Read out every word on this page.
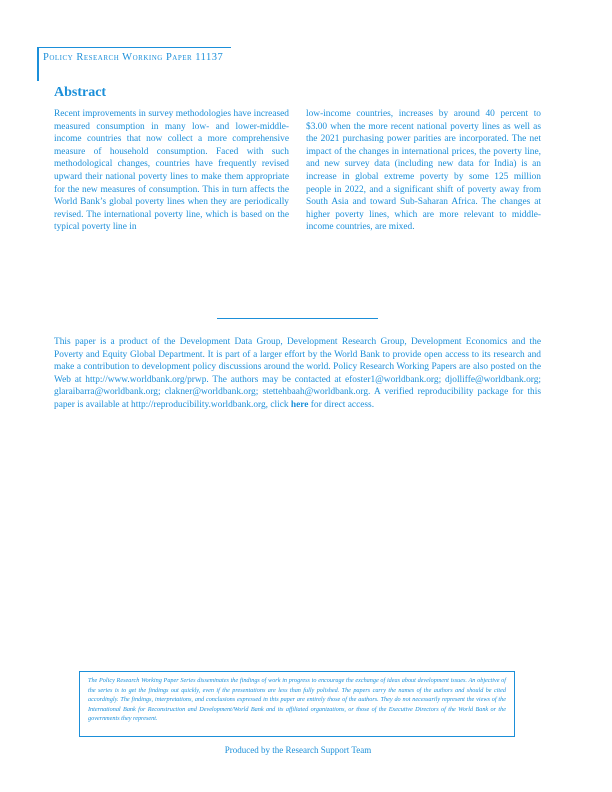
Policy Research Working Paper 11137
Abstract

Recent improvements in survey methodologies have increased measured consumption in many low- and lower-middle-income countries that now collect a more comprehensive measure of household consumption. Faced with such methodological changes, countries have frequently revised upward their national poverty lines to make them appropriate for the new measures of consumption. This in turn affects the World Bank’s global poverty lines when they are periodically revised. The international poverty line, which is based on the typical poverty line in

low-income countries, increases by around 40 percent to $3.00 when the more recent national poverty lines as well as the 2021 purchasing power parities are incorporated. The net impact of the changes in international prices, the poverty line, and new survey data (including new data for India) is an increase in global extreme poverty by some 125 million people in 2022, and a significant shift of poverty away from South Asia and toward Sub-Saharan Africa. The changes at higher poverty lines, which are more relevant to middle-income countries, are mixed.

This paper is a product of the Development Data Group, Development Research Group, Development Economics and the Poverty and Equity Global Department. It is part of a larger effort by the World Bank to provide open access to its research and make a contribution to development policy discussions around the world. Policy Research Working Papers are also posted on the Web at http://www.worldbank.org/prwp. The authors may be contacted at efoster1@worldbank.org; djolliffe@worldbank.org; glaraibarra@worldbank.org; clakner@worldbank.org; stettehbaah@worldbank.org. A verified reproducibility package for this paper is available at http://reproducibility.worldbank.org, click here for direct access.

The Policy Research Working Paper Series disseminates the findings of work in progress to encourage the exchange of ideas about development issues. An objective of the series is to get the findings out quickly, even if the presentations are less than fully polished. The papers carry the names of the authors and should be cited accordingly. The findings, interpretations, and conclusions expressed in this paper are entirely those of the authors. They do not necessarily represent the views of the International Bank for Reconstruction and Development/World Bank and its affiliated organizations, or those of the Executive Directors of the World Bank or the governments they represent.

Produced by the Research Support Team
